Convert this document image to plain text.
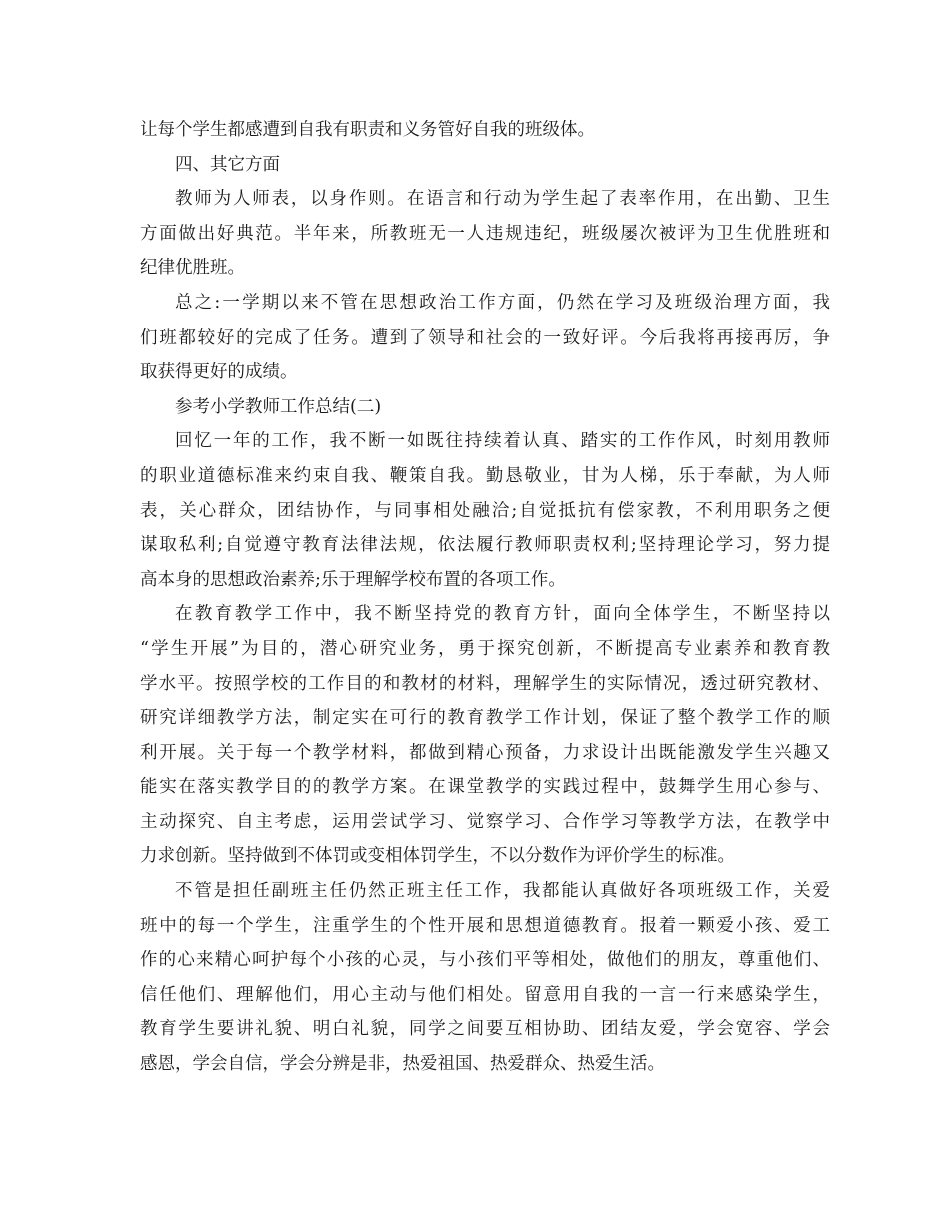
让每个学生都感遭到自我有职责和义务管好自我的班级体。
四、其它方面
教师为人师表，以身作则。在语言和行动为学生起了表率作用，在出勤、卫生
方面做出好典范。半年来，所教班无一人违规违纪，班级屡次被评为卫生优胜班和
纪律优胜班。
总之:一学期以来不管在思想政治工作方面，仍然在学习及班级治理方面，我
们班都较好的完成了任务。遭到了领导和社会的一致好评。今后我将再接再厉，争
取获得更好的成绩。
参考小学教师工作总结(二)
回忆一年的工作，我不断一如既往持续着认真、踏实的工作作风，时刻用教师
的职业道德标准来约束自我、鞭策自我。勤恳敬业，甘为人梯，乐于奉献，为人师
表，关心群众，团结协作，与同事相处融洽;自觉抵抗有偿家教，不利用职务之便
谋取私利;自觉遵守教育法律法规，依法履行教师职责权利;坚持理论学习，努力提
高本身的思想政治素养;乐于理解学校布置的各项工作。
在教育教学工作中，我不断坚持党的教育方针，面向全体学生，不断坚持以
“学生开展”为目的，潜心研究业务，勇于探究创新，不断提高专业素养和教育教
学水平。按照学校的工作目的和教材的材料，理解学生的实际情况，透过研究教材、
研究详细教学方法，制定实在可行的教育教学工作计划，保证了整个教学工作的顺
利开展。关于每一个教学材料，都做到精心预备，力求设计出既能激发学生兴趣又
能实在落实教学目的的教学方案。在课堂教学的实践过程中，鼓舞学生用心参与、
主动探究、自主考虑，运用尝试学习、觉察学习、合作学习等教学方法，在教学中
力求创新。坚持做到不体罚或变相体罚学生，不以分数作为评价学生的标准。
不管是担任副班主任仍然正班主任工作，我都能认真做好各项班级工作，关爱
班中的每一个学生，注重学生的个性开展和思想道德教育。报着一颗爱小孩、爱工
作的心来精心呵护每个小孩的心灵，与小孩们平等相处，做他们的朋友，尊重他们、
信任他们、理解他们，用心主动与他们相处。留意用自我的一言一行来感染学生，
教育学生要讲礼貌、明白礼貌，同学之间要互相协助、团结友爱，学会宽容、学会
感恩，学会自信，学会分辨是非，热爱祖国、热爱群众、热爱生活。
